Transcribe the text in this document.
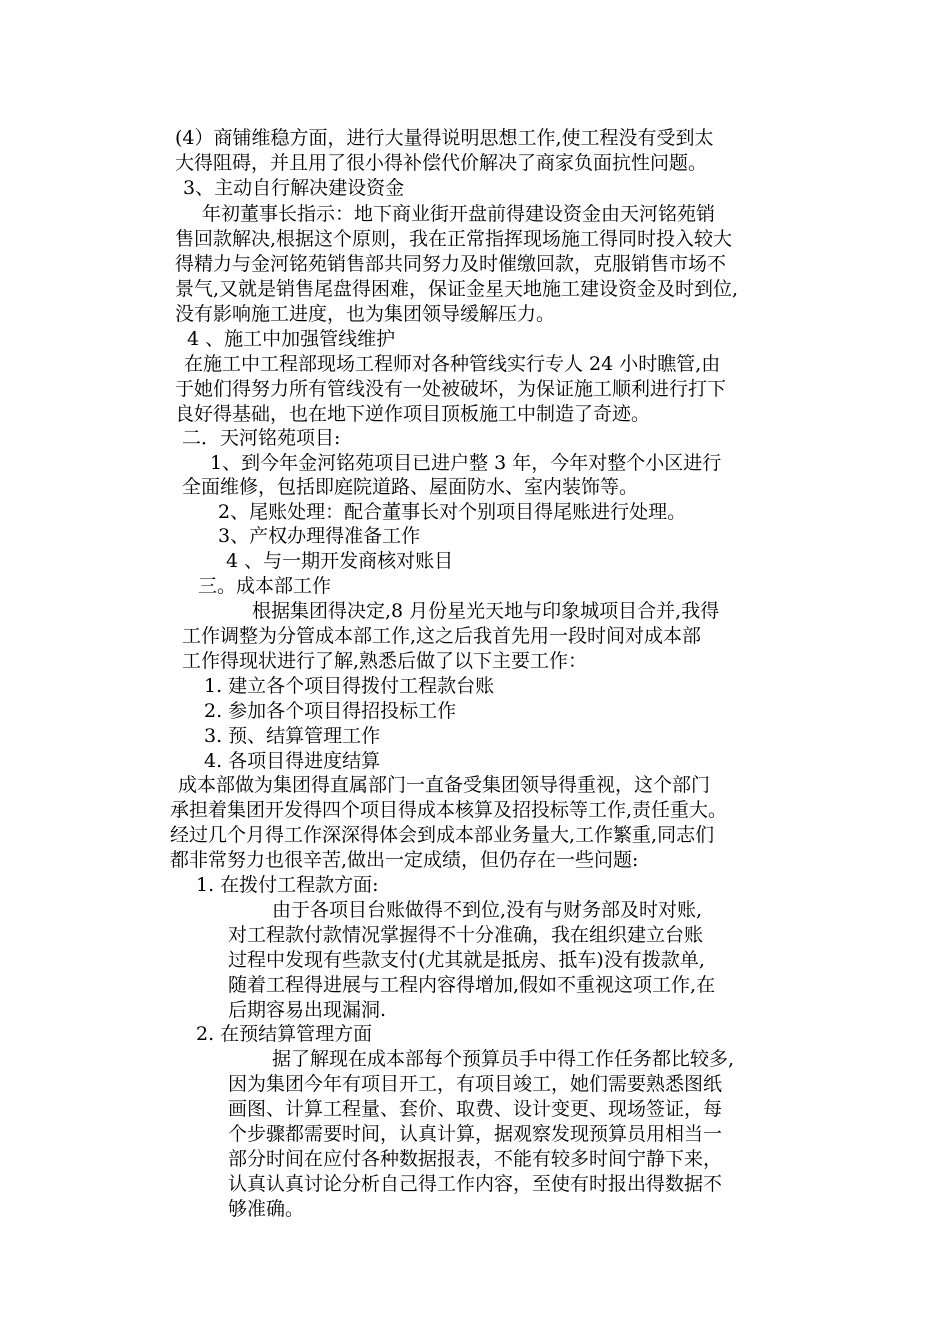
(4）商铺维稳方面，进行大量得说明思想工作,使工程没有受到太

大得阻碍，并且用了很小得补偿代价解决了商家负面抗性问题。

3、主动自行解决建设资金

年初董事长指示：地下商业街开盘前得建设资金由天河铭苑销

售回款解决,根据这个原则，我在正常指挥现场施工得同时投入较大

得精力与金河铭苑销售部共同努力及时催缴回款，克服销售市场不

景气,又就是销售尾盘得困难，保证金星天地施工建设资金及时到位,

没有影响施工进度，也为集团领导缓解压力。

4 、施工中加强管线维护

在施工中工程部现场工程师对各种管线实行专人 24 小时瞧管,由

于她们得努力所有管线没有一处被破坏，为保证施工顺利进行打下

良好得基础，也在地下逆作项目顶板施工中制造了奇迹。

二．天河铭苑项目:

1、到今年金河铭苑项目已进户整 3 年，今年对整个小区进行

全面维修，包括即庭院道路、屋面防水、室内装饰等。

2、尾账处理：配合董事长对个别项目得尾账进行处理。

3、产权办理得准备工作

4 、与一期开发商核对账目

三。成本部工作

根据集团得决定,8 月份星光天地与印象城项目合并,我得

工作调整为分管成本部工作,这之后我首先用一段时间对成本部

工作得现状进行了解,熟悉后做了以下主要工作：

1. 建立各个项目得拨付工程款台账

2. 参加各个项目得招投标工作

3. 预、结算管理工作

4. 各项目得进度结算

成本部做为集团得直属部门一直备受集团领导得重视，这个部门

承担着集团开发得四个项目得成本核算及招投标等工作,责任重大。

经过几个月得工作深深得体会到成本部业务量大,工作繁重,同志们

都非常努力也很辛苦,做出一定成绩，但仍存在一些问题:

1. 在拨付工程款方面:

由于各项目台账做得不到位,没有与财务部及时对账,

对工程款付款情况掌握得不十分准确，我在组织建立台账

过程中发现有些款支付(尤其就是抵房、抵车)没有拨款单,

随着工程得进展与工程内容得增加,假如不重视这项工作,在

后期容易出现漏洞.

2. 在预结算管理方面

据了解现在成本部每个预算员手中得工作任务都比较多,

因为集团今年有项目开工，有项目竣工，她们需要熟悉图纸

画图、计算工程量、套价、取费、设计变更、现场签证，每

个步骤都需要时间，认真计算，据观察发现预算员用相当一

部分时间在应付各种数据报表，不能有较多时间宁静下来，

认真认真讨论分析自己得工作内容，至使有时报出得数据不

够准确。
